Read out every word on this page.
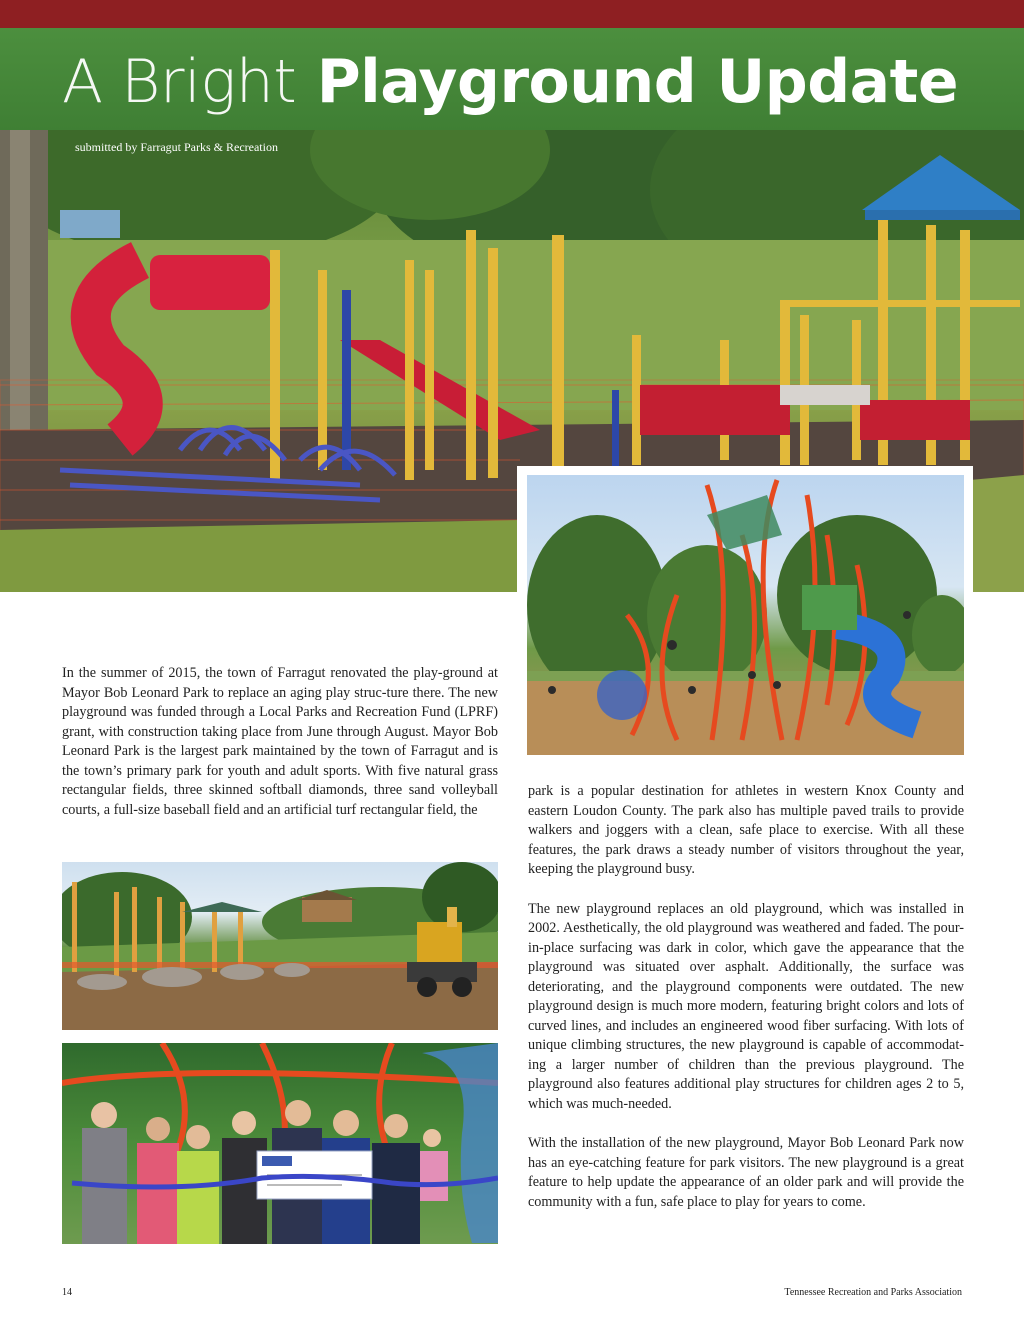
A Bright Playground Update
submitted by Farragut Parks & Recreation

In the summer of 2015, the town of Farragut renovated the play-ground at Mayor Bob Leonard Park to replace an aging play struc-ture there. The new playground was funded through a Local Parks and Recreation Fund (LPRF) grant, with construction taking place from June through August. Mayor Bob Leonard Park is the largest park maintained by the town of Farragut and is the town’s primary park for youth and adult sports. With five natural grass rectangular fields, three skinned softball diamonds, three sand volleyball courts, a full-size baseball field and an artificial turf rectangular field, the

park is a popular destination for athletes in western Knox County and eastern Loudon County. The park also has multiple paved trails to provide walkers and joggers with a clean, safe place to exercise. With all these features, the park draws a steady number of visitors throughout the year, keeping the playground busy.

The new playground replaces an old playground, which was installed in 2002. Aesthetically, the old playground was weathered and faded. The pour-in-place surfacing was dark in color, which gave the appearance that the playground was situated over asphalt. Additionally, the surface was deteriorating, and the playground components were outdated. The new playground design is much more modern, featuring bright colors and lots of curved lines, and includes an engineered wood fiber surfacing. With lots of unique climbing structures, the new playground is capable of accommodat-ing a larger number of children than the previous playground. The playground also features additional play structures for children ages 2 to 5, which was much-needed.

With the installation of the new playground, Mayor Bob Leonard Park now has an eye-catching feature for park visitors. The new playground is a great feature to help update the appearance of an older park and will provide the community with a fun, safe place to play for years to come.

14	Tennessee Recreation and Parks Association
